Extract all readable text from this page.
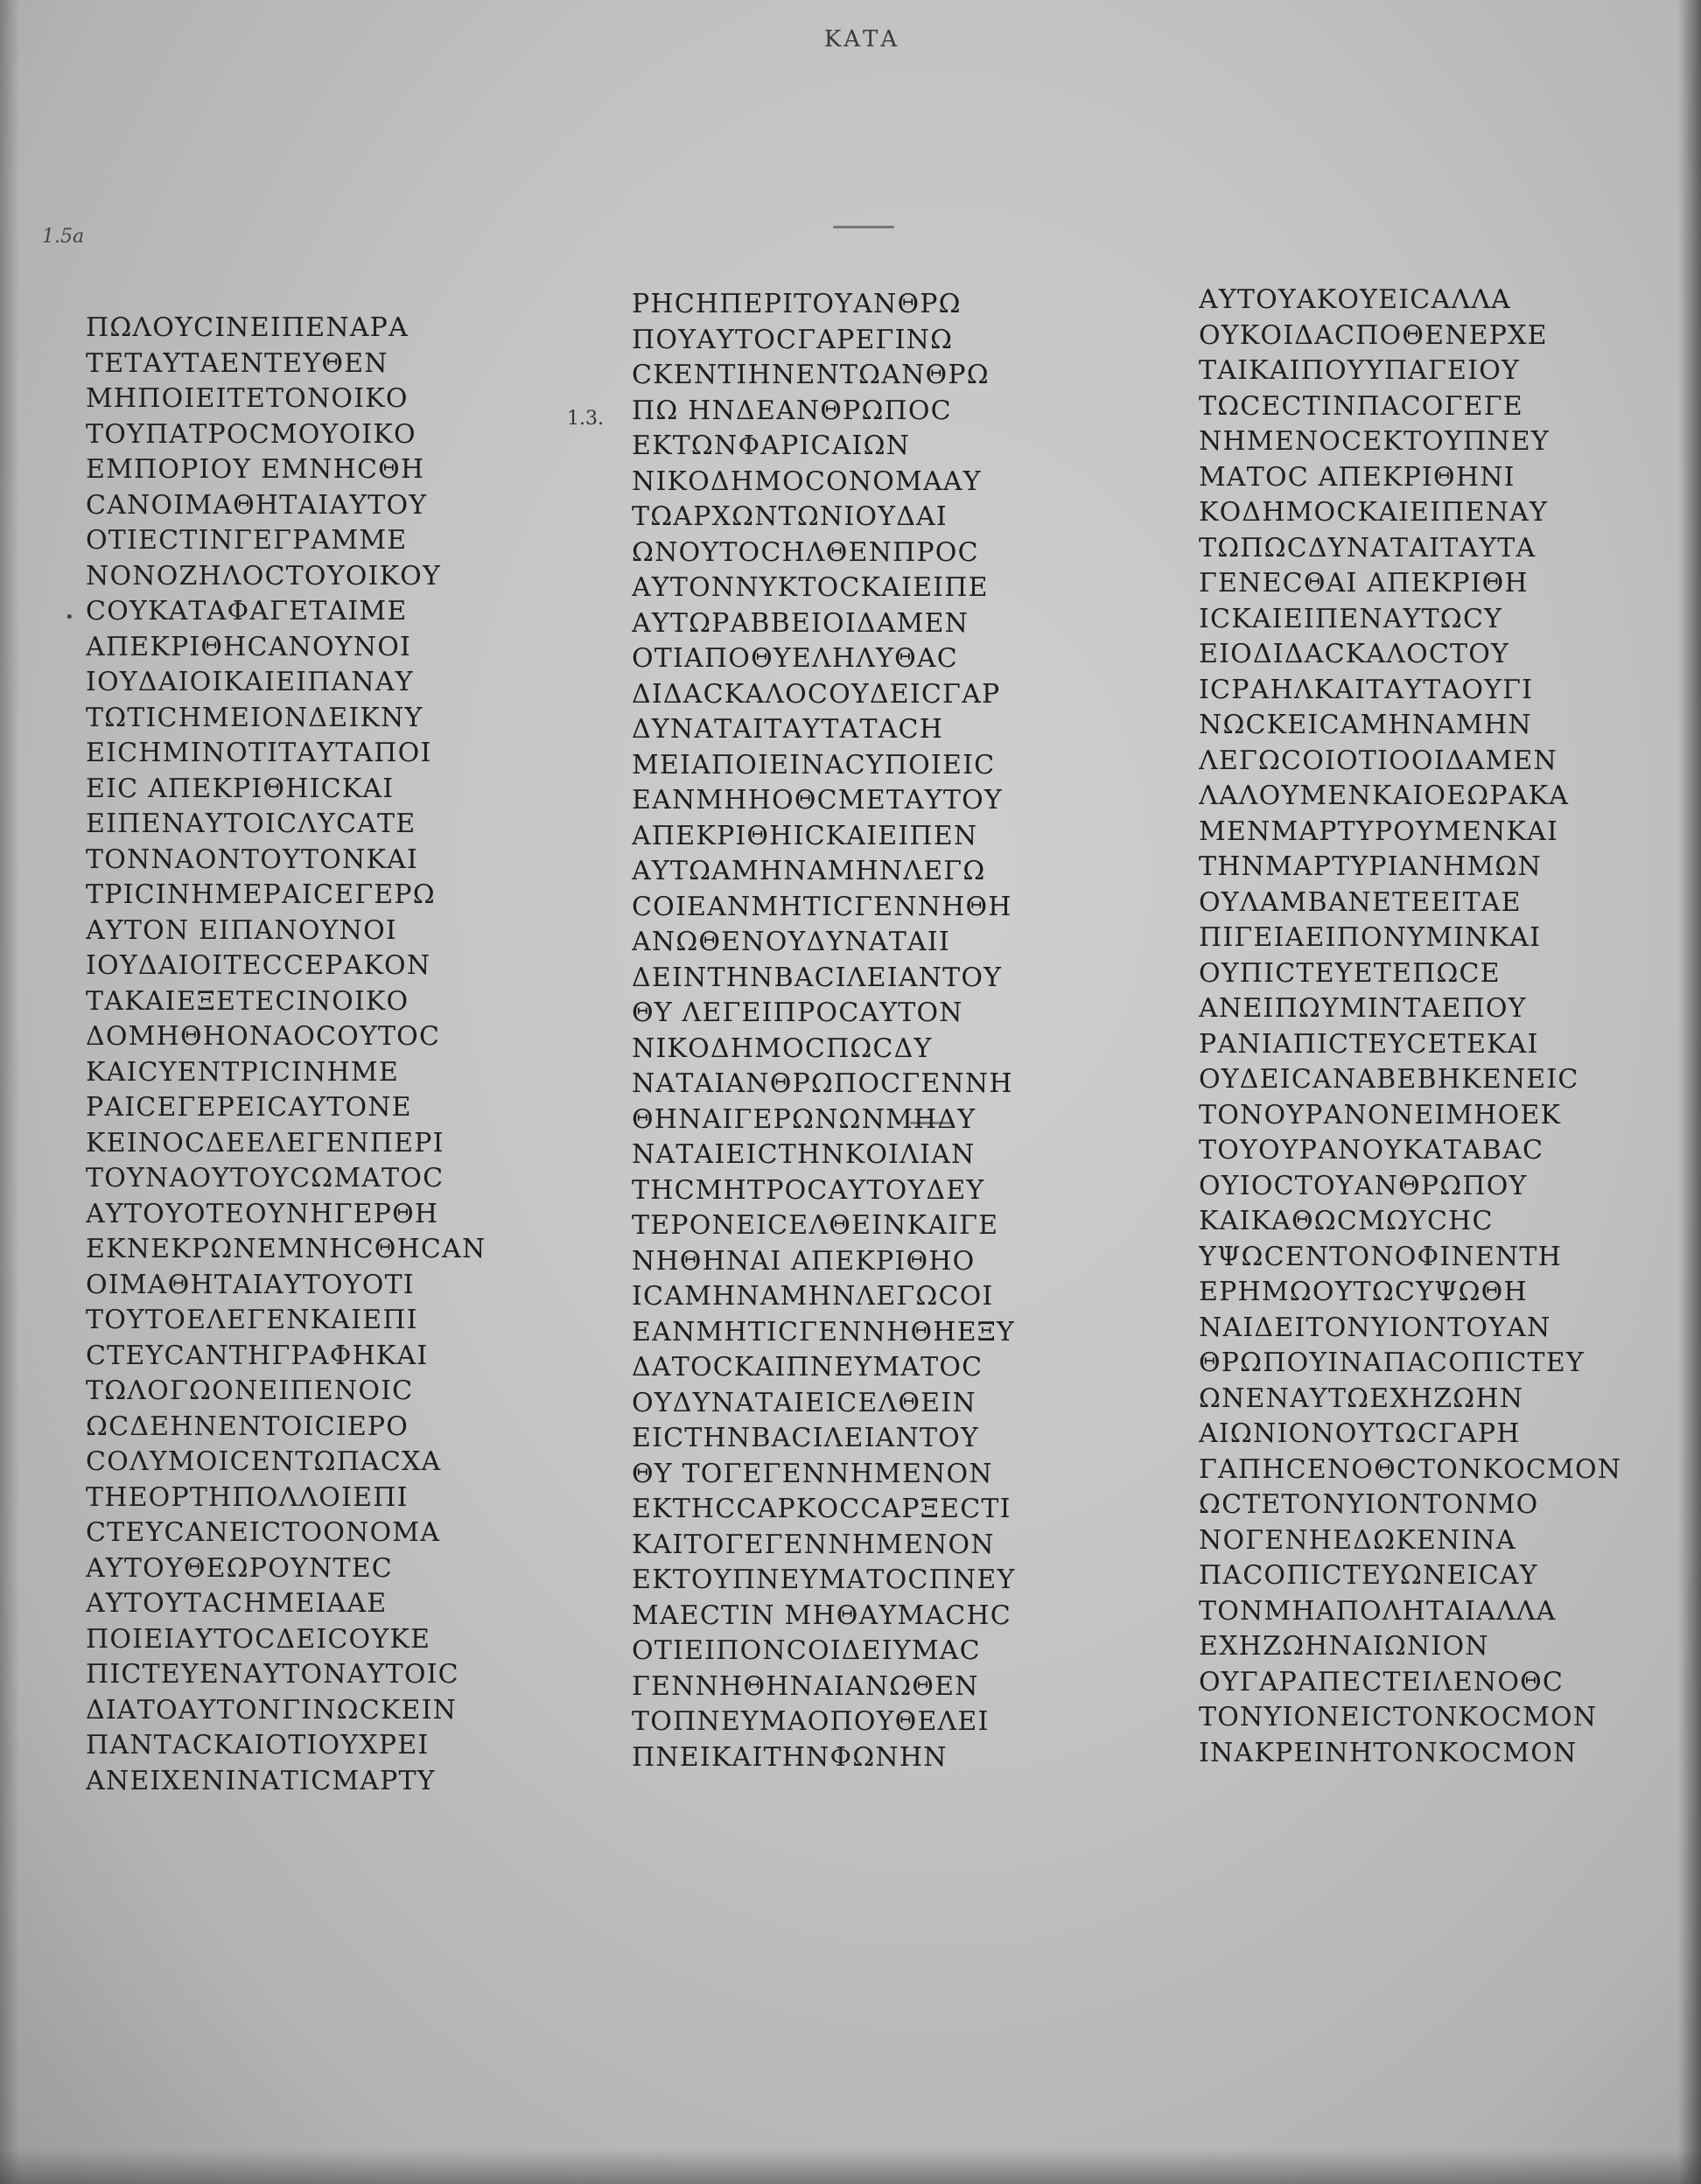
ΚΑΤΑ
1.5a
1.3.
•
ΠΩΛΟΥϹΙΝΕΙΠΕΝΑΡΑ
ΤΕΤΑΥΤΑΕΝΤΕΥΘΕΝ
ΜΗΠΟΙΕΙΤΕΤΟΝΟΙΚΟ
ΤΟΥΠΑΤΡΟϹΜΟΥΟΙΚΟ
ΕΜΠΟΡΙΟΥ ΕΜΝΗϹΘΗ
ϹΑΝΟΙΜΑΘΗΤΑΙΑΥΤΟΥ
ΟΤΙΕϹΤΙΝΓΕΓΡΑΜΜΕ
ΝΟΝΟΖΗΛΟϹΤΟΥΟΙΚΟΥ
ϹΟΥΚΑΤΑΦΑΓΕΤΑΙΜΕ
ΑΠΕΚΡΙΘΗϹΑΝΟΥΝΟΙ
ΙΟΥΔΑΙΟΙΚΑΙΕΙΠΑΝΑΥ
ΤΩΤΙϹΗΜΕΙΟΝΔΕΙΚΝΥ
ΕΙϹΗΜΙΝΟΤΙΤΑΥΤΑΠΟΙ
ΕΙϹ ΑΠΕΚΡΙΘΗΙϹΚΑΙ
ΕΙΠΕΝΑΥΤΟΙϹΛΥϹΑΤΕ
ΤΟΝΝΑΟΝΤΟΥΤΟΝΚΑΙ
ΤΡΙϹΙΝΗΜΕΡΑΙϹΕΓΕΡΩ
ΑΥΤΟΝ ΕΙΠΑΝΟΥΝΟΙ
ΙΟΥΔΑΙΟΙΤΕϹϹΕΡΑΚΟΝ
ΤΑΚΑΙΕΞΕΤΕϹΙΝΟΙΚΟ
ΔΟΜΗΘΗΟΝΑΟϹΟΥΤΟϹ
ΚΑΙϹΥΕΝΤΡΙϹΙΝΗΜΕ
ΡΑΙϹΕΓΕΡΕΙϹΑΥΤΟΝΕ
ΚΕΙΝΟϹΔΕΕΛΕΓΕΝΠΕΡΙ
ΤΟΥΝΑΟΥΤΟΥϹΩΜΑΤΟϹ
ΑΥΤΟΥΟΤΕΟΥΝΗΓΕΡΘΗ
ΕΚΝΕΚΡΩΝΕΜΝΗϹΘΗϹΑΝ
ΟΙΜΑΘΗΤΑΙΑΥΤΟΥΟΤΙ
ΤΟΥΤΟΕΛΕΓΕΝΚΑΙΕΠΙ
ϹΤΕΥϹΑΝΤΗΓΡΑΦΗΚΑΙ
ΤΩΛΟΓΩΟΝΕΙΠΕΝΟΙϹ
ΩϹΔΕΗΝΕΝΤΟΙϹΙΕΡΟ
ϹΟΛΥΜΟΙϹΕΝΤΩΠΑϹΧΑ
ΤΗΕΟΡΤΗΠΟΛΛΟΙΕΠΙ
ϹΤΕΥϹΑΝΕΙϹΤΟΟΝΟΜΑ
ΑΥΤΟΥΘΕΩΡΟΥΝΤΕϹ
ΑΥΤΟΥΤΑϹΗΜΕΙΑΑΕ
ΠΟΙΕΙΑΥΤΟϹΔΕΙϹΟΥΚΕ
ΠΙϹΤΕΥΕΝΑΥΤΟΝΑΥΤΟΙϹ
ΔΙΑΤΟΑΥΤΟΝΓΙΝΩϹΚΕΙΝ
ΠΑΝΤΑϹΚΑΙΟΤΙΟΥΧΡΕΙ
ΑΝΕΙΧΕΝΙΝΑΤΙϹΜΑΡΤΥ
ΡΗϹΗΠΕΡΙΤΟΥΑΝΘΡΩ
ΠΟΥΑΥΤΟϹΓΑΡΕΓΙΝΩ
ϹΚΕΝΤΙΗΝΕΝΤΩΑΝΘΡΩ
ΠΩ ΗΝΔΕΑΝΘΡΩΠΟϹ
ΕΚΤΩΝΦΑΡΙϹΑΙΩΝ
ΝΙΚΟΔΗΜΟϹΟΝΟΜΑΑΥ
ΤΩΑΡΧΩΝΤΩΝΙΟΥΔΑΙ
ΩΝΟΥΤΟϹΗΛΘΕΝΠΡΟϹ
ΑΥΤΟΝΝΥΚΤΟϹΚΑΙΕΙΠΕ
ΑΥΤΩΡΑΒΒΕΙΟΙΔΑΜΕΝ
ΟΤΙΑΠΟΘΥΕΛΗΛΥΘΑϹ
ΔΙΔΑϹΚΑΛΟϹΟΥΔΕΙϹΓΑΡ
ΔΥΝΑΤΑΙΤΑΥΤΑΤΑϹΗ
ΜΕΙΑΠΟΙΕΙΝΑϹΥΠΟΙΕΙϹ
ΕΑΝΜΗΗΟΘϹΜΕΤΑΥΤΟΥ
ΑΠΕΚΡΙΘΗΙϹΚΑΙΕΙΠΕΝ
ΑΥΤΩΑΜΗΝΑΜΗΝΛΕΓΩ
ϹΟΙΕΑΝΜΗΤΙϹΓΕΝΝΗΘΗ
ΑΝΩΘΕΝΟΥΔΥΝΑΤΑΙΙ
ΔΕΙΝΤΗΝΒΑϹΙΛΕΙΑΝΤΟΥ
ΘΥ ΛΕΓΕΙΠΡΟϹΑΥΤΟΝ
ΝΙΚΟΔΗΜΟϹΠΩϹΔΥ
ΝΑΤΑΙΑΝΘΡΩΠΟϹΓΕΝΝΗ
ΘΗΝΑΙΓΕΡΩΝΩΝΜΗΔΥ
ΝΑΤΑΙΕΙϹΤΗΝΚΟΙΛΙΑΝ
ΤΗϹΜΗΤΡΟϹΑΥΤΟΥΔΕΥ
ΤΕΡΟΝΕΙϹΕΛΘΕΙΝΚΑΙΓΕ
ΝΗΘΗΝΑΙ ΑΠΕΚΡΙΘΗΟ
ΙϹΑΜΗΝΑΜΗΝΛΕΓΩϹΟΙ
ΕΑΝΜΗΤΙϹΓΕΝΝΗΘΗΕΞΥ
ΔΑΤΟϹΚΑΙΠΝΕΥΜΑΤΟϹ
ΟΥΔΥΝΑΤΑΙΕΙϹΕΛΘΕΙΝ
ΕΙϹΤΗΝΒΑϹΙΛΕΙΑΝΤΟΥ
ΘΥ ΤΟΓΕΓΕΝΝΗΜΕΝΟΝ
ΕΚΤΗϹϹΑΡΚΟϹϹΑΡΞΕϹΤΙ
ΚΑΙΤΟΓΕΓΕΝΝΗΜΕΝΟΝ
ΕΚΤΟΥΠΝΕΥΜΑΤΟϹΠΝΕΥ
ΜΑΕϹΤΙΝ ΜΗΘΑΥΜΑϹΗϹ
ΟΤΙΕΙΠΟΝϹΟΙΔΕΙΥΜΑϹ
ΓΕΝΝΗΘΗΝΑΙΑΝΩΘΕΝ
ΤΟΠΝΕΥΜΑΟΠΟΥΘΕΛΕΙ
ΠΝΕΙΚΑΙΤΗΝΦΩΝΗΝ
ΑΥΤΟΥΑΚΟΥΕΙϹΑΛΛΑ
ΟΥΚΟΙΔΑϹΠΟΘΕΝΕΡΧΕ
ΤΑΙΚΑΙΠΟΥΥΠΑΓΕΙΟΥ
ΤΩϹΕϹΤΙΝΠΑϹΟΓΕΓΕ
ΝΗΜΕΝΟϹΕΚΤΟΥΠΝΕΥ
ΜΑΤΟϹ ΑΠΕΚΡΙΘΗΝΙ
ΚΟΔΗΜΟϹΚΑΙΕΙΠΕΝΑΥ
ΤΩΠΩϹΔΥΝΑΤΑΙΤΑΥΤΑ
ΓΕΝΕϹΘΑΙ ΑΠΕΚΡΙΘΗ
ΙϹΚΑΙΕΙΠΕΝΑΥΤΩϹΥ
ΕΙΟΔΙΔΑϹΚΑΛΟϹΤΟΥ
ΙϹΡΑΗΛΚΑΙΤΑΥΤΑΟΥΓΙ
ΝΩϹΚΕΙϹΑΜΗΝΑΜΗΝ
ΛΕΓΩϹΟΙΟΤΙΟΟΙΔΑΜΕΝ
ΛΑΛΟΥΜΕΝΚΑΙΟΕΩΡΑΚΑ
ΜΕΝΜΑΡΤΥΡΟΥΜΕΝΚΑΙ
ΤΗΝΜΑΡΤΥΡΙΑΝΗΜΩΝ
ΟΥΛΑΜΒΑΝΕΤΕΕΙΤΑΕ
ΠΙΓΕΙΑΕΙΠΟΝΥΜΙΝΚΑΙ
ΟΥΠΙϹΤΕΥΕΤΕΠΩϹΕ
ΑΝΕΙΠΩΥΜΙΝΤΑΕΠΟΥ
ΡΑΝΙΑΠΙϹΤΕΥϹΕΤΕΚΑΙ
ΟΥΔΕΙϹΑΝΑΒΕΒΗΚΕΝΕΙϹ
ΤΟΝΟΥΡΑΝΟΝΕΙΜΗΟΕΚ
ΤΟΥΟΥΡΑΝΟΥΚΑΤΑΒΑϹ
ΟΥΙΟϹΤΟΥΑΝΘΡΩΠΟΥ
ΚΑΙΚΑΘΩϹΜΩΥϹΗϹ
ΥΨΩϹΕΝΤΟΝΟΦΙΝΕΝΤΗ
ΕΡΗΜΩΟΥΤΩϹΥΨΩΘΗ
ΝΑΙΔΕΙΤΟΝΥΙΟΝΤΟΥΑΝ
ΘΡΩΠΟΥΙΝΑΠΑϹΟΠΙϹΤΕΥ
ΩΝΕΝΑΥΤΩΕΧΗΖΩΗΝ
ΑΙΩΝΙΟΝΟΥΤΩϹΓΑΡΗ
ΓΑΠΗϹΕΝΟΘϹΤΟΝΚΟϹΜΟΝ
ΩϹΤΕΤΟΝΥΙΟΝΤΟΝΜΟ
ΝΟΓΕΝΗΕΔΩΚΕΝΙΝΑ
ΠΑϹΟΠΙϹΤΕΥΩΝΕΙϹΑΥ
ΤΟΝΜΗΑΠΟΛΗΤΑΙΑΛΛΑ
ΕΧΗΖΩΗΝΑΙΩΝΙΟΝ
ΟΥΓΑΡΑΠΕϹΤΕΙΛΕΝΟΘϹ
ΤΟΝΥΙΟΝΕΙϹΤΟΝΚΟϹΜΟΝ
ΙΝΑΚΡΕΙΝΗΤΟΝΚΟϹΜΟΝ
